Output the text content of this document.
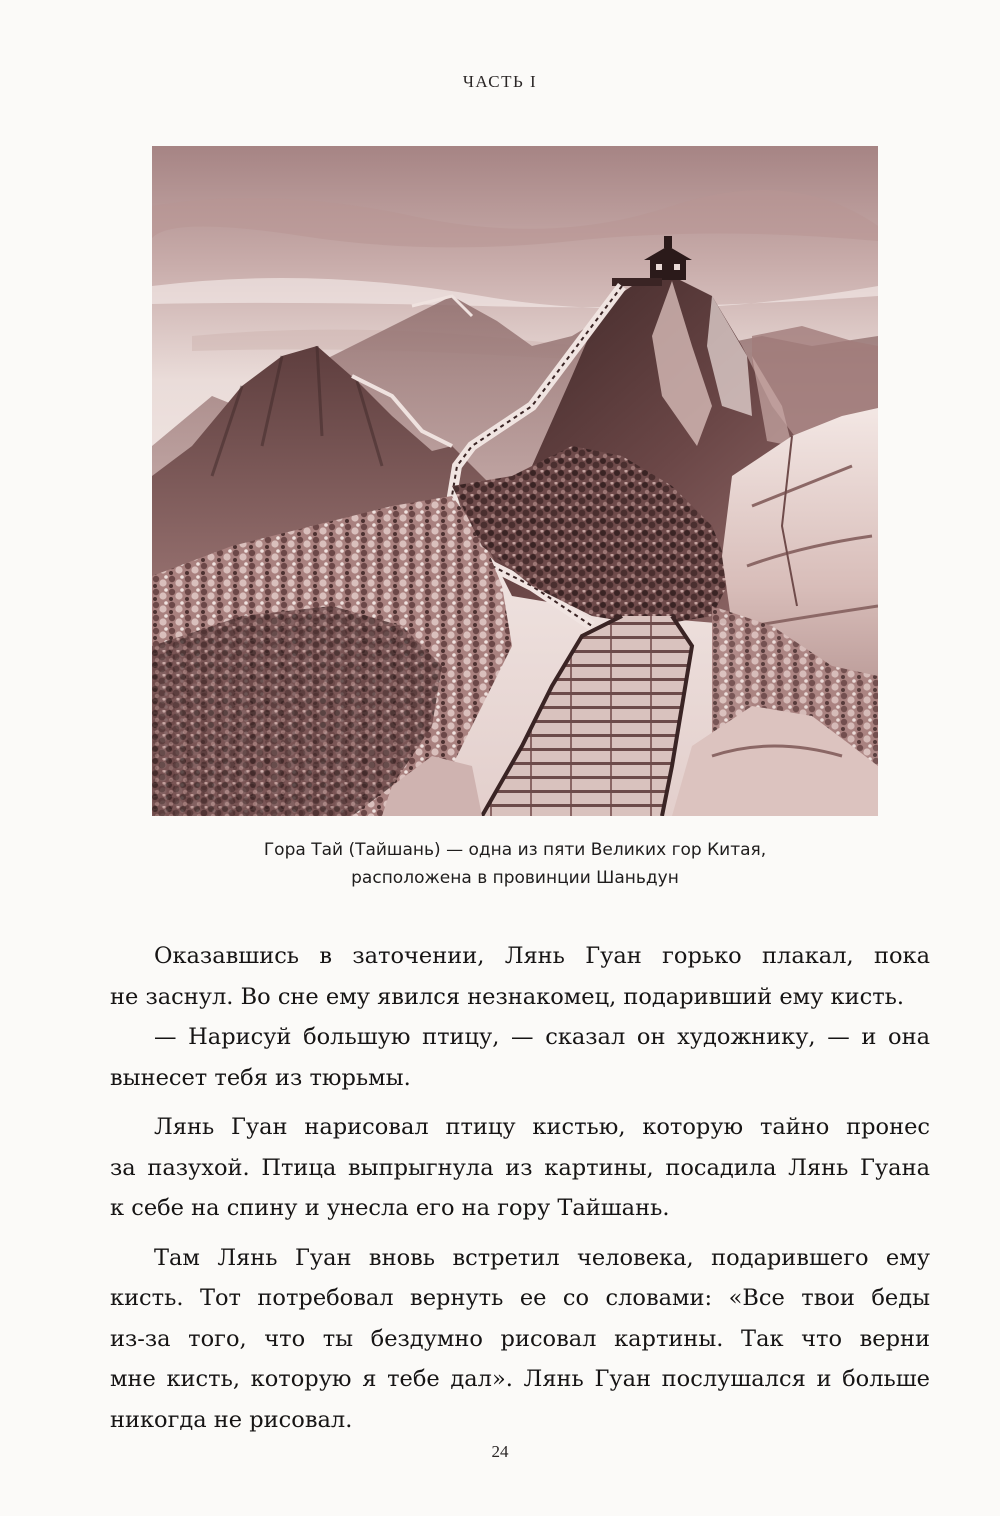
ЧАСТЬ I
Гора Тай (Тайшань) — одна из пяти Великих гор Китая,
расположена в провинции Шаньдун
Оказавшись в заточении, Лянь Гуан горько плакал, пока
не заснул. Во сне ему явился незнакомец, подаривший ему кисть.
— Нарисуй большую птицу, — сказал он художнику, — и она
вынесет тебя из тюрьмы.
Лянь Гуан нарисовал птицу кистью, которую тайно пронес
за пазухой. Птица выпрыгнула из картины, посадила Лянь Гуана
к себе на спину и унесла его на гору Тайшань.
Там Лянь Гуан вновь встретил человека, подарившего ему
кисть. Тот потребовал вернуть ее со словами: «Все твои беды
из-за того, что ты бездумно рисовал картины. Так что верни
мне кисть, которую я тебе дал». Лянь Гуан послушался и больше
никогда не рисовал.
24
